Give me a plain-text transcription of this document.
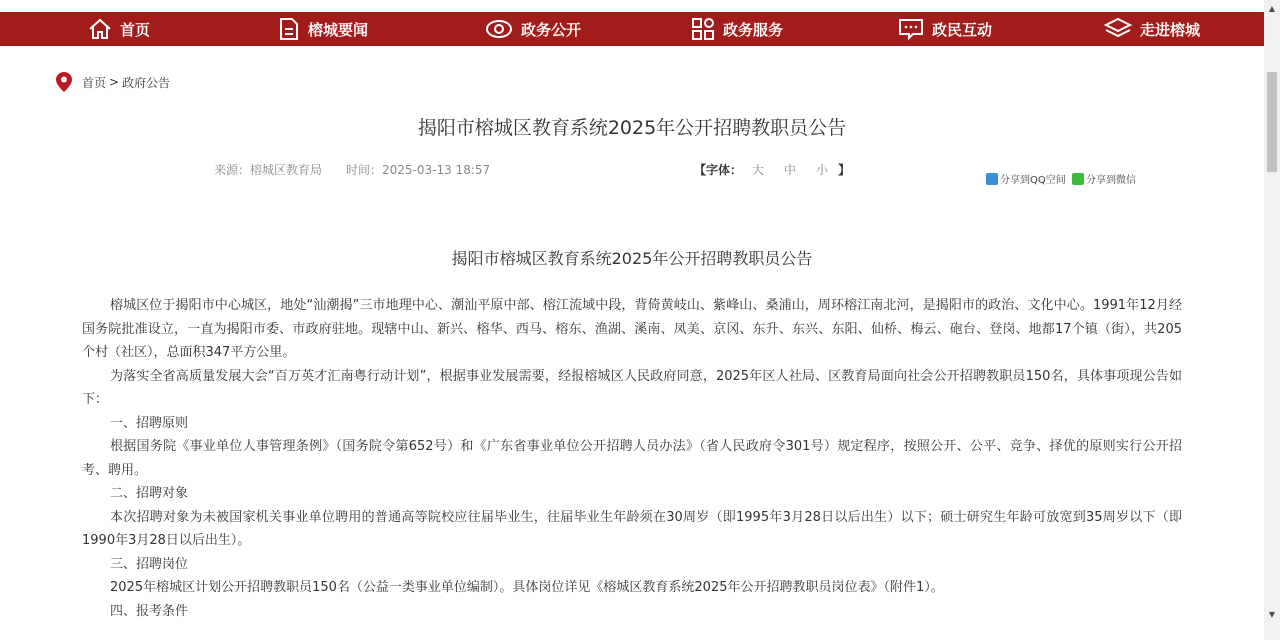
首页	榕城要闻	政务公开	政务服务	政民互动	走进榕城
▲
▼
首页 > 政府公告
揭阳市榕城区教育系统2025年公开招聘教职员公告
来源：榕城区教育局 时间：2025-03-13 18:57	【字体： 大 中 小 】
分享到QQ空间 分享到微信
揭阳市榕城区教育系统2025年公开招聘教职员公告

榕城区位于揭阳市中心城区，地处“汕潮揭”三市地理中心、潮汕平原中部、榕江流域中段，背倚黄岐山、紫峰山、桑浦山，周环榕江南北河，是揭阳市的政治、文化中心。1991年12月经国务院批准设立，一直为揭阳市委、市政府驻地。现辖中山、新兴、榕华、西马、榕东、渔湖、溪南、凤美、京冈、东升、东兴、东阳、仙桥、梅云、砲台、登岗、地都17个镇（街），共205个村（社区），总面积347平方公里。

为落实全省高质量发展大会“百万英才汇南粤行动计划”，根据事业发展需要，经报榕城区人民政府同意，2025年区人社局、区教育局面向社会公开招聘教职员150名，具体事项现公告如下：

一、招聘原则

根据国务院《事业单位人事管理条例》（国务院令第652号）和《广东省事业单位公开招聘人员办法》（省人民政府令301号）规定程序，按照公开、公平、竞争、择优的原则实行公开招考、聘用。

二、招聘对象

本次招聘对象为未被国家机关事业单位聘用的普通高等院校应往届毕业生，往届毕业生年龄须在30周岁（即1995年3月28日以后出生）以下；硕士研究生年龄可放宽到35周岁以下（即1990年3月28日以后出生）。

三、招聘岗位

2025年榕城区计划公开招聘教职员150名（公益一类事业单位编制）。具体岗位详见《榕城区教育系统2025年公开招聘教职员岗位表》（附件1）。

四、报考条件
